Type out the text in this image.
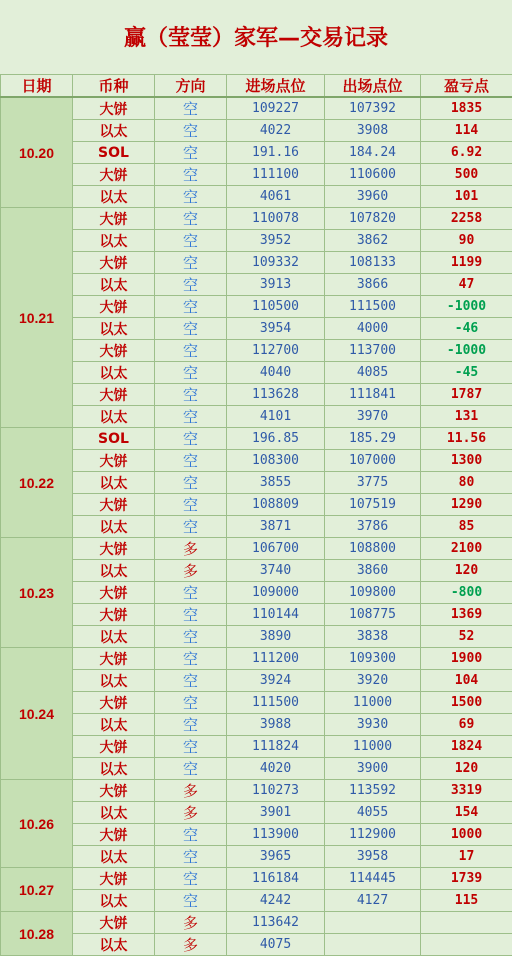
赢（莹莹）家军—交易记录
日期	币种	方向	进场点位	出场点位	盈亏点
10.20	大饼	空	109227	107392	1835
	以太	空	4022	3908	114
	SOL	空	191.16	184.24	6.92
	大饼	空	111100	110600	500
	以太	空	4061	3960	101
10.21	大饼	空	110078	107820	2258
	以太	空	3952	3862	90
	大饼	空	109332	108133	1199
	以太	空	3913	3866	47
	大饼	空	110500	111500	-1000
	以太	空	3954	4000	-46
	大饼	空	112700	113700	-1000
	以太	空	4040	4085	-45
	大饼	空	113628	111841	1787
	以太	空	4101	3970	131
10.22	SOL	空	196.85	185.29	11.56
	大饼	空	108300	107000	1300
	以太	空	3855	3775	80
	大饼	空	108809	107519	1290
	以太	空	3871	3786	85
10.23	大饼	多	106700	108800	2100
	以太	多	3740	3860	120
	大饼	空	109000	109800	-800
	大饼	空	110144	108775	1369
	以太	空	3890	3838	52
10.24	大饼	空	111200	109300	1900
	以太	空	3924	3920	104
	大饼	空	111500	11000	1500
	以太	空	3988	3930	69
	大饼	空	111824	11000	1824
	以太	空	4020	3900	120
10.26	大饼	多	110273	113592	3319
	以太	多	3901	4055	154
	大饼	空	113900	112900	1000
	以太	空	3965	3958	17
10.27	大饼	空	116184	114445	1739
	以太	空	4242	4127	115
10.28	大饼	多	113642		
	以太	多	4075		
